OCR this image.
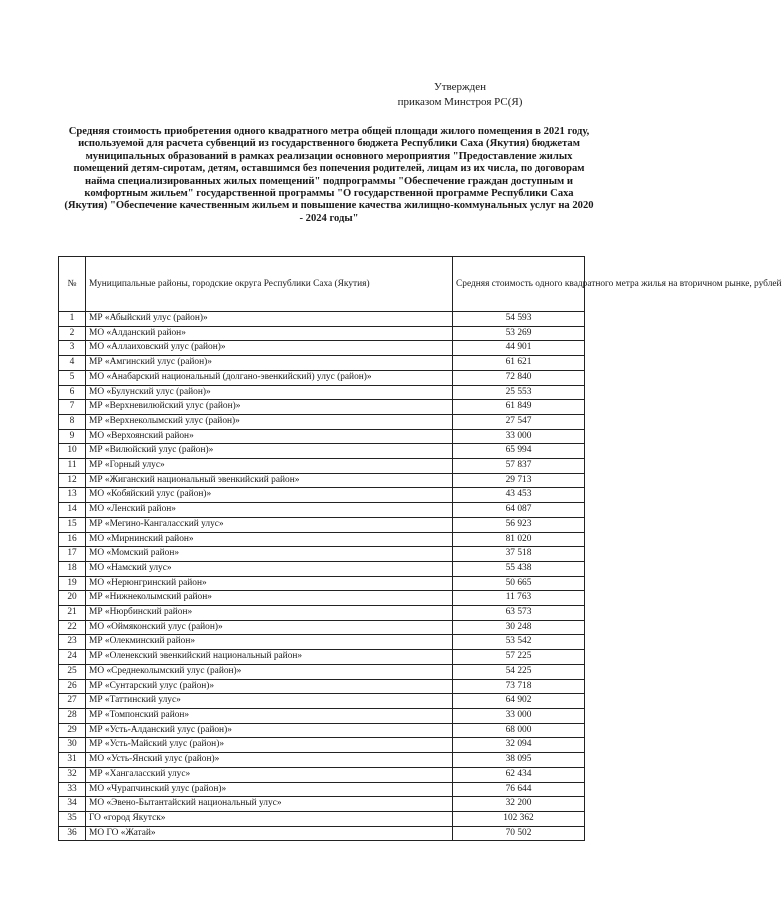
Утвержден
приказом Минстроя РС(Я)
Средняя стоимость приобретения одного квадратного метра общей площади жилого помещения в 2021 году, используемой для расчета субвенций из государственного бюджета Республики Саха (Якутия) бюджетам муниципальных образований в рамках реализации основного мероприятия "Предоставление жилых помещений детям-сиротам, детям, оставшимся без попечения родителей, лицам из их числа, по договорам найма специализированных жилых помещений" подпрограммы "Обеспечение граждан доступным и комфортным жильем" государственной программы "О государственной программе Республики Саха (Якутия) "Обеспечение качественным жильем и повышение качества жилищно-коммунальных услуг на 2020 - 2024 годы"
№	Муниципальные районы, городские округа Республики Саха (Якутия)	Средняя стоимость одного квадратного метра жилья на вторичном рынке, рублей
1	МР «Абыйский улус (район)»	54 593
2	МО «Алданский район»	53 269
3	МО «Аллаиховский улус (район)»	44 901
4	МР «Амгинский улус (район)»	61 621
5	МО «Анабарский национальный (долгано-эвенкийский) улус (район)»	72 840
6	МО «Булунский улус (район)»	25 553
7	МР «Верхневилюйский улус (район)»	61 849
8	МР «Верхнеколымский улус (район)»	27 547
9	МО «Верхоянский район»	33 000
10	МР «Вилюйский улус (район)»	65 994
11	МР «Горный улус»	57 837
12	МР «Жиганский национальный эвенкийский район»	29 713
13	МО «Кобяйский улус (район)»	43 453
14	МО «Ленский район»	64 087
15	МР «Мегино-Кангаласский улус»	56 923
16	МО «Мирнинский район»	81 020
17	МО «Момский район»	37 518
18	МО «Намский улус»	55 438
19	МО «Нерюнгринский район»	50 665
20	МР «Нижнеколымский район»	11 763
21	МР «Нюрбинский район»	63 573
22	МО «Оймяконский улус (район)»	30 248
23	МР «Олекминский район»	53 542
24	МР «Оленекский эвенкийский национальный район»	57 225
25	МО «Среднеколымский улус (район)»	54 225
26	МР «Сунтарский улус (район)»	73 718
27	МР «Таттинский улус»	64 902
28	МР «Томпонский район»	33 000
29	МР «Усть-Алданский улус (район)»	68 000
30	МР «Усть-Майский улус (район)»	32 094
31	МО «Усть-Янский улус (район)»	38 095
32	МР «Хангаласский улус»	62 434
33	МО «Чурапчинский улус (район)»	76 644
34	МО «Эвено-Бытантайский национальный улус»	32 200
35	ГО «город Якутск»	102 362
36	МО ГО «Жатай»	70 502
